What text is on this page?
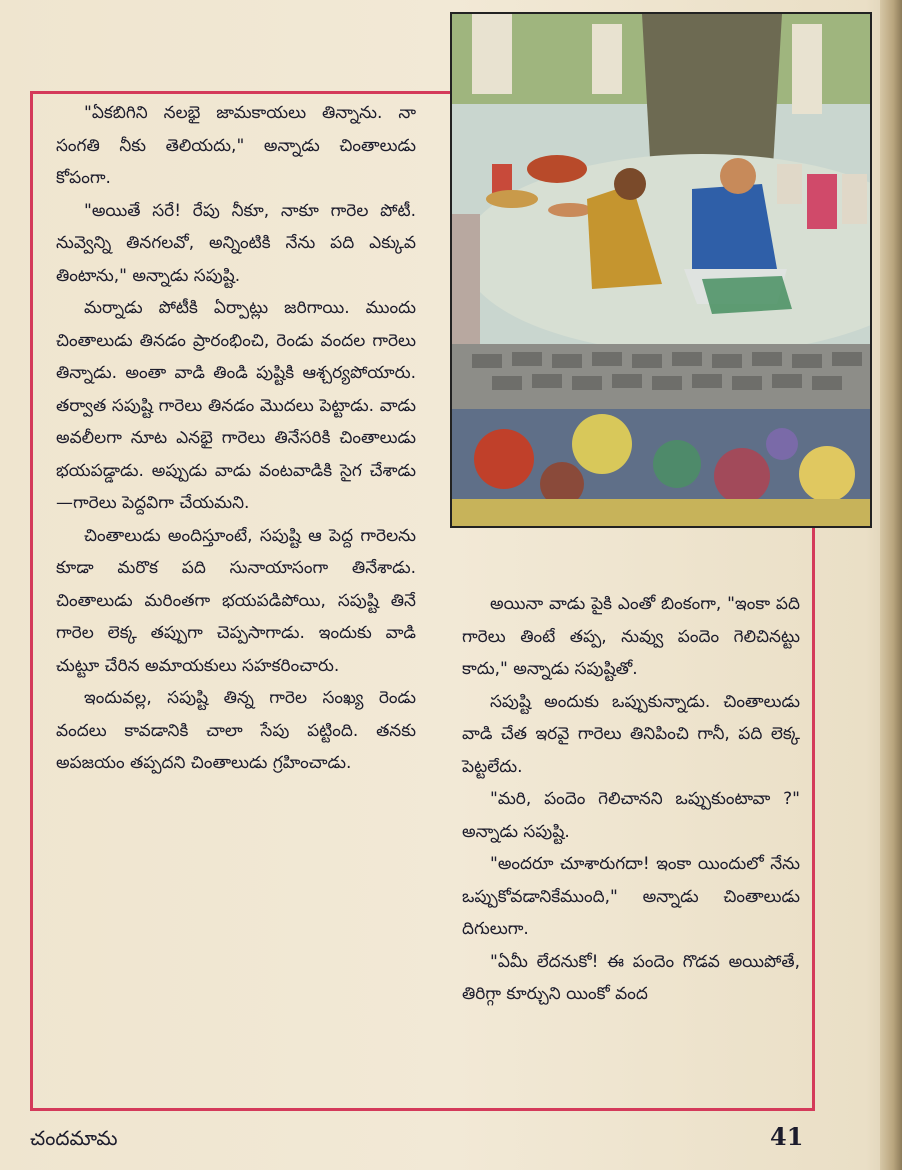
"ఏకబిగిని నలభై జామకాయలు తిన్నాను. నా సంగతి నీకు తెలియదు," అన్నాడు చింతాలుడు కోపంగా.

"అయితే సరే! రేపు నీకూ, నాకూ గారెల పోటీ. నువ్వెన్ని తినగలవో, అన్నింటికి నేను పది ఎక్కువ తింటాను," అన్నాడు సపుష్టి.

మర్నాడు పోటీకి ఏర్పాట్లు జరిగాయి. ముందు చింతాలుడు తినడం ప్రారంభించి, రెండు వందల గారెలు తిన్నాడు. అంతా వాడి తిండి పుష్టికి ఆశ్చర్యపోయారు. తర్వాత సపుష్టి గారెలు తినడం మొదలు పెట్టాడు. వాడు అవలీలగా నూట ఎనభై గారెలు తినేసరికి చింతాలుడు భయపడ్డాడు. అప్పుడు వాడు వంటవాడికి సైగ చేశాడు—గారెలు పెద్దవిగా చేయమని.

చింతాలుడు అందిస్తూంటే, సపుష్టి ఆ పెద్ద గారెలను కూడా మరొక పది సునాయాసంగా తినేశాడు. చింతాలుడు మరింతగా భయపడిపోయి, సపుష్టి తినే గారెల లెక్క తప్పుగా చెప్పసాగాడు. ఇందుకు వాడి చుట్టూ చేరిన అమాయకులు సహకరించారు.

ఇందువల్ల, సపుష్టి తిన్న గారెల సంఖ్య రెండు వందలు కావడానికి చాలా సేపు పట్టింది. తనకు అపజయం తప్పదని చింతాలుడు గ్రహించాడు.

అయినా వాడు పైకి ఎంతో బింకంగా, "ఇంకా పది గారెలు తింటే తప్ప, నువ్వు పందెం గెలిచినట్టు కాదు," అన్నాడు సపుష్టితో.

సపుష్టి అందుకు ఒప్పుకున్నాడు. చింతాలుడు వాడి చేత ఇరవై గారెలు తినిపించి గానీ, పది లెక్క పెట్టలేదు.

"మరి, పందెం గెలిచానని ఒప్పుకుంటావా ?" అన్నాడు సపుష్టి.

"అందరూ చూశారుగదా! ఇంకా యిందులో నేను ఒప్పుకోవడానికేముంది," అన్నాడు చింతాలుడు దిగులుగా.

"ఏమీ లేదనుకో! ఈ పందెం గొడవ అయిపోతే, తిరిగ్గా కూర్చుని యింకో వంద

చందమామ	41
